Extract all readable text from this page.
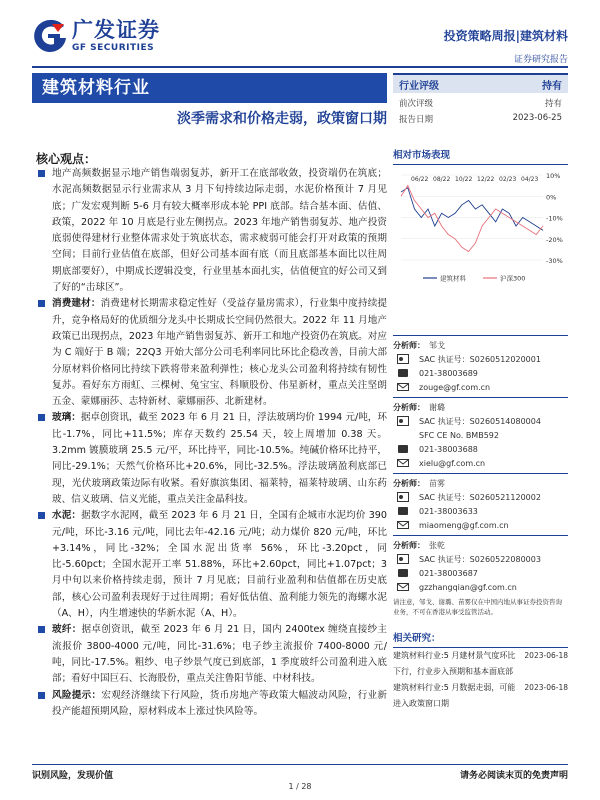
广发证券
GF SECURITIES
投资策略周报|建筑材料
证券研究报告
建筑材料行业
淡季需求和价格走弱，政策窗口期
行业评级	持有
前次评级	持有
报告日期	2023-06-25
核心观点：
地产高频数据显示地产销售端弱复苏，新开工在底部收敛，投资端仍在筑底；水泥高频数据显示行业需求从 3 月下旬持续边际走弱，水泥价格预计 7 月见底；广发宏观判断 5-6 月有较大概率形成本轮 PPI 底部。结合基本面、估值、政策，2022 年 10 月底是行业左侧拐点。2023 年地产销售弱复苏、地产投资底弱使得建材行业整体需求处于筑底状态，需求疲弱可能会打开对政策的预期空间；目前行业估值在底部，但好公司基本面有底（而且底部基本面比以往周期底部要好），中期成长逻辑没变，行业里基本面扎实，估值便宜的好公司又到了好的“击球区”。
消费建材：消费建材长期需求稳定性好（受益存量房需求），行业集中度持续提升，竞争格局好的优质细分龙头中长期成长空间仍然很大。2022 年 11 月地产政策已出现拐点，2023 年地产销售弱复苏、新开工和地产投资仍在筑底。对应为 C 端好于 B 端；22Q3 开始大部分公司毛利率同比环比企稳改善，目前大部分原材料价格同比持续下跌将带来盈利弹性；核心龙头公司盈利将持续有韧性复苏。看好东方雨虹、三棵树、兔宝宝、科顺股份、伟星新材，重点关注坚朗五金、蒙娜丽莎、志特新材、蒙娜丽莎、北新建材。
玻璃：据卓创资讯，截至 2023 年 6 月 21 日，浮法玻璃均价 1994 元/吨，环比-1.7%，同比+11.5%；库存天数约 25.54 天，较上周增加 0.38 天。3.2mm 镀膜玻璃 25.5 元/平，环比持平，同比-10.5%。纯碱价格环比持平，同比-29.1%；天然气价格环比+20.6%，同比-32.5%。浮法玻璃盈利底部已现，光伏玻璃政策边际有收紧。看好旗滨集团、福莱特，福莱特玻璃、山东药玻、信义玻璃、信义光能，重点关注金晶科技。
水泥：据数字水泥网，截至 2023 年 6 月 21 日，全国有企城市水泥均价 390 元/吨，环比-3.16 元/吨，同比去年-42.16 元/吨；动力煤价 820 元/吨，环比+3.14%，同比-32%；全国水泥出货率 56%，环比-3.20pct，同比-5.60pct；全国水泥开工率 51.88%，环比+2.60pct，同比+1.07pct；3 月中旬以来价格持续走弱，预计 7 月见底；目前行业盈利和估值都在历史底部，核心公司盈利表现好于过往周期；看好低估值、盈利能力领先的海螺水泥（A、H），内生增速快的华新水泥（A、H）。
玻纤：据卓创资讯，截至 2023 年 6 月 21 日，国内 2400tex 缠绕直接纱主流报价 3800-4000 元/吨，同比-31.6%；电子纱主流报价 7400-8000 元/吨，同比-17.5%。粗纱、电子纱景气度已到底部，1 季度玻纤公司盈利进入底部；看好中国巨石、长海股份，重点关注鲁阳节能、中材科技。
风险提示：宏观经济继续下行风险，货币房地产等政策大幅波动风险，行业新投产能超预期风险，原材料成本上涨过快风险等。
相对市场表现
10%
0%
-10%
-20%
-30%
06/22 08/22 10/22 12/22 02/23 04/23
建筑材料	沪深300
分析师： 邹戈
SAC 执证号：S0260512020001
021-38003689
zouge@gf.com.cn
分析师： 谢璐
SAC 执证号：S0260514080004
SFC CE No. BMB592
021-38003688
xielu@gf.com.cn
分析师： 苗雾
SAC 执证号：S0260521120002
021-38003633
miaomeng@gf.com.cn
分析师： 张乾
SAC 执证号：S0260522080003
021-38003687
gzzhangqian@gf.com.cn
请注意，邹戈、谢璐、苗雾仅在中国内地从事证券投资咨询业务，不可在香港从事受监管活动。
相关研究：
建筑材料行业:5 月建材景气度环比下行，行业步入预期和基本面底部
2023-06-18
建筑材料行业:5 月数据走弱，可能进入政策窗口期
2023-06-18
识别风险，发现价值	请务必阅读末页的免责声明
1 / 28
